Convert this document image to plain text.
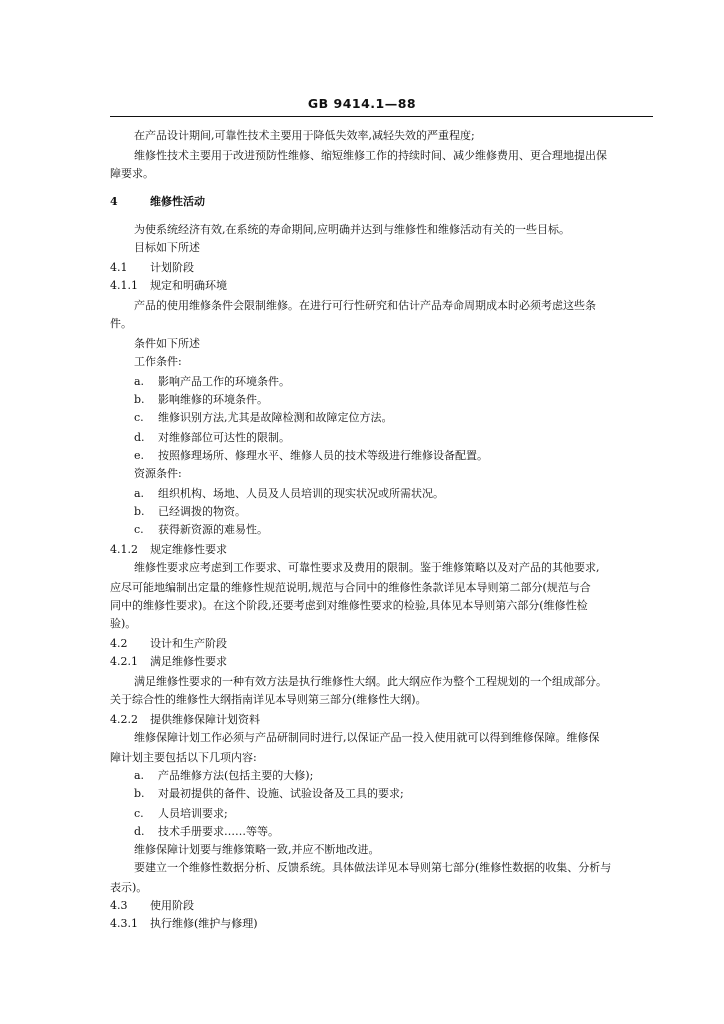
GB 9414.1—88
在产品设计期间,可靠性技术主要用于降低失效率,减轻失效的严重程度;
维修性技术主要用于改进预防性维修、缩短维修工作的持续时间、减少维修费用、更合理地提出保
障要求。
4	维修性活动
为使系统经济有效,在系统的寿命期间,应明确并达到与维修性和维修活动有关的一些目标。
目标如下所述
4.1 计划阶段
4.1.1 规定和明确环境
产品的使用维修条件会限制维修。在进行可行性研究和估计产品寿命周期成本时必须考虑这些条
件。
条件如下所述
工作条件:
a.	影响产品工作的环境条件。
b.	影响维修的环境条件。
c.	维修识别方法,尤其是故障检测和故障定位方法。
d.	对维修部位可达性的限制。
e.	按照修理场所、修理水平、维修人员的技术等级进行维修设备配置。
资源条件:
a.	组织机构、场地、人员及人员培训的现实状况或所需状况。
b.	已经调拨的物资。
c.	获得新资源的难易性。
4.1.2 规定维修性要求
维修性要求应考虑到工作要求、可靠性要求及费用的限制。鉴于维修策略以及对产品的其他要求,
应尽可能地编制出定量的维修性规范说明,规范与合同中的维修性条款详见本导则第二部分(规范与合
同中的维修性要求)。在这个阶段,还要考虑到对维修性要求的检验,具体见本导则第六部分(维修性检
验)。
4.2 设计和生产阶段
4.2.1 满足维修性要求
满足维修性要求的一种有效方法是执行维修性大纲。此大纲应作为整个工程规划的一个组成部分。
关于综合性的维修性大纲指南详见本导则第三部分(维修性大纲)。
4.2.2 提供维修保障计划资料
维修保障计划工作必须与产品研制同时进行,以保证产品一投入使用就可以得到维修保障。维修保
障计划主要包括以下几项内容:
a.	产品维修方法(包括主要的大修);
b.	对最初提供的备件、设施、试验设备及工具的要求;
c.	人员培训要求;
d.	技术手册要求……等等。
维修保障计划要与维修策略一致,并应不断地改进。
要建立一个维修性数据分析、反馈系统。具体做法详见本导则第七部分(维修性数据的收集、分析与
表示)。
4.3 使用阶段
4.3.1 执行维修(维护与修理)
